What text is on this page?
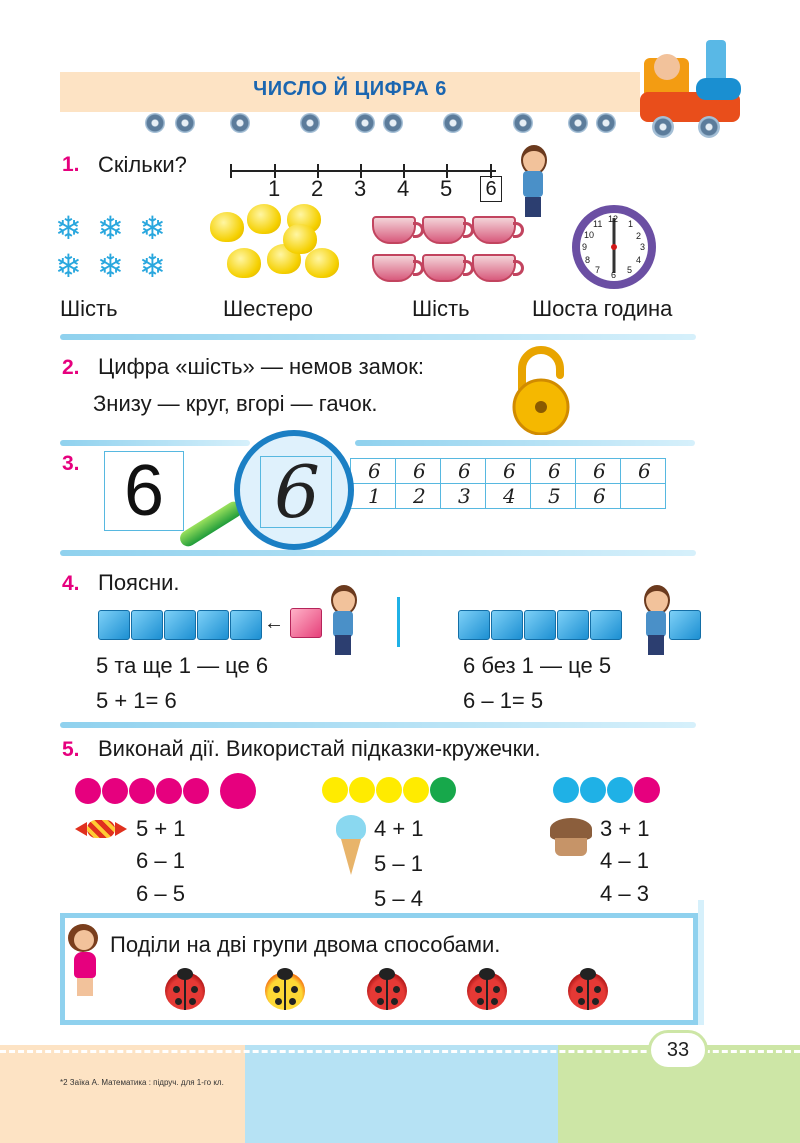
ЧИСЛО Й ЦИФРА 6
1. Скільки?
1 2 3 4 5 6
❄ ❄ ❄
❄ ❄ ❄
12 1
2
3
4
5
6
7
8
9
10
11
Шість	Шестеро	Шість	Шоста година
2. Цифра «шість» — немов замок:
Знизу — круг, вгорі — гачок.
3. 6	6 6 6 6 6 6 6
1 2 3 4 5 6
6
4. Поясни.
←
5 та ще 1 — це 6
5 + 1= 6
6 без 1 — це 5
6 – 1= 5
5. Виконай дії. Використай підказки-кружечки.
5 + 1
6 – 1
6 – 5
4 + 1
5 – 1
5 – 4
3 + 1
4 – 1
4 – 3
Поділи на дві групи двома способами.
33
*2 Заїка А. Математика : підруч. для 1-го кл.
